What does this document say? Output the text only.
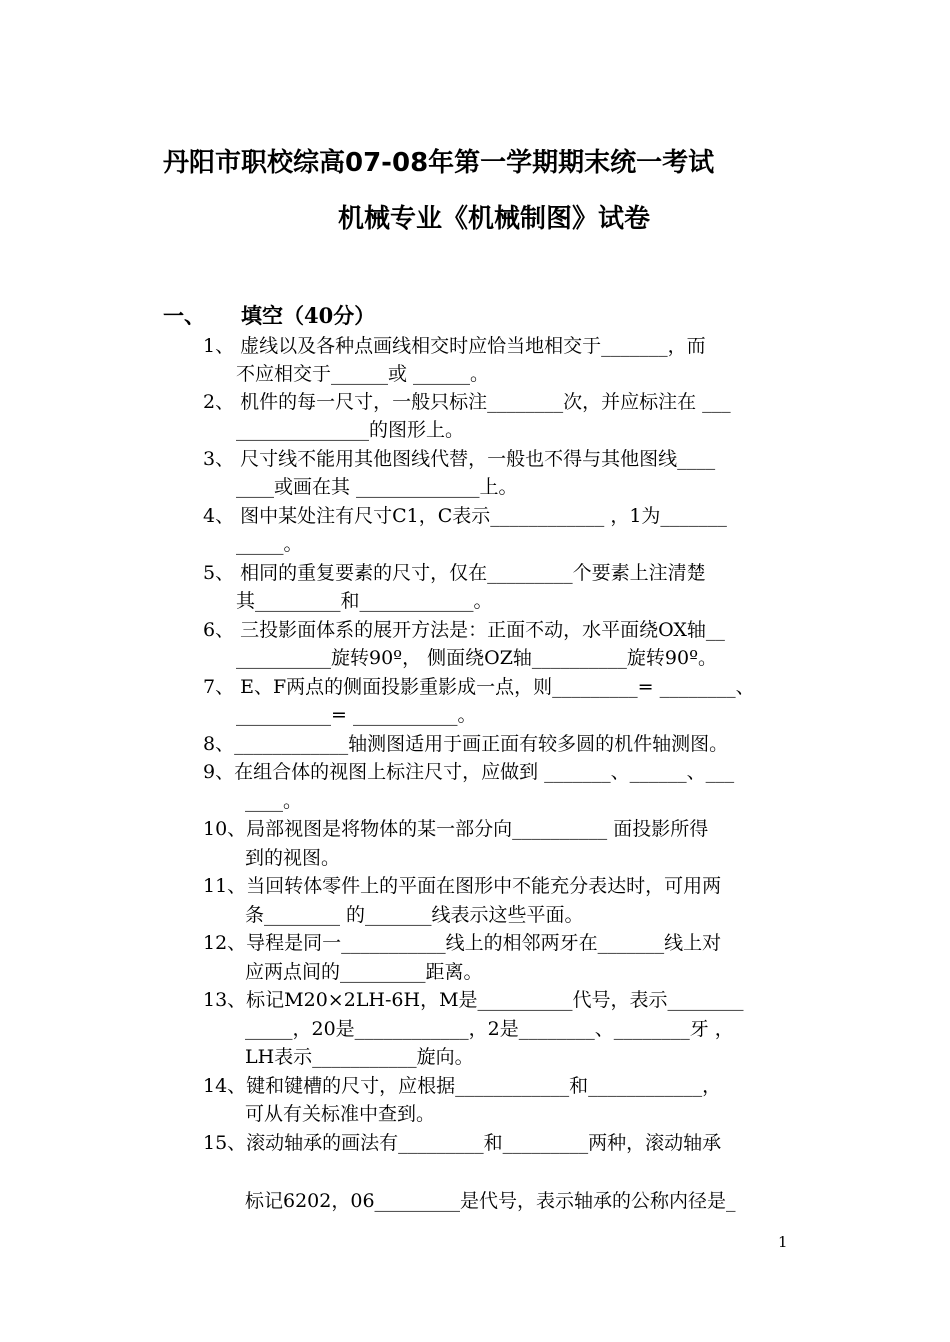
丹阳市职校综高07-08年第一学期期末统一考试
机械专业《机械制图》试卷
一、 填空（40分）
1、 虚线以及各种点画线相交时应恰当地相交于_______，而
不应相交于______或 ______。
2、 机件的每一尺寸，一般只标注________次，并应标注在 ___
______________的图形上。
3、 尺寸线不能用其他图线代替，一般也不得与其他图线____
____或画在其 _____________上。
4、 图中某处注有尺寸C1，C表示____________ ，1为_______
_____。
5、 相同的重复要素的尺寸，仅在_________个要素上注清楚
其_________和____________。
6、 三投影面体系的展开方法是：正面不动，水平面绕OX轴__
__________旋转90º， 侧面绕OZ轴__________旋转90º。
7、 E、F两点的侧面投影重影成一点，则_________= ________、
__________= ___________。
8、____________轴测图适用于画正面有较多圆的机件轴测图。
9、在组合体的视图上标注尺寸，应做到 _______、______、___
____。
10、局部视图是将物体的某一部分向__________ 面投影所得
到的视图。
11、当回转体零件上的平面在图形中不能充分表达时，可用两
条________ 的_______线表示这些平面。
12、导程是同一___________线上的相邻两牙在_______线上对
应两点间的_________距离。
13、标记M20×2LH-6H，M是__________代号，表示________
_____，20是____________，2是________、________牙 ，
LH表示___________旋向。
14、键和键槽的尺寸，应根据____________和____________，
可从有关标准中查到。
15、滚动轴承的画法有_________和_________两种，滚动轴承
标记6202，06_________是代号，表示轴承的公称内径是_
1
